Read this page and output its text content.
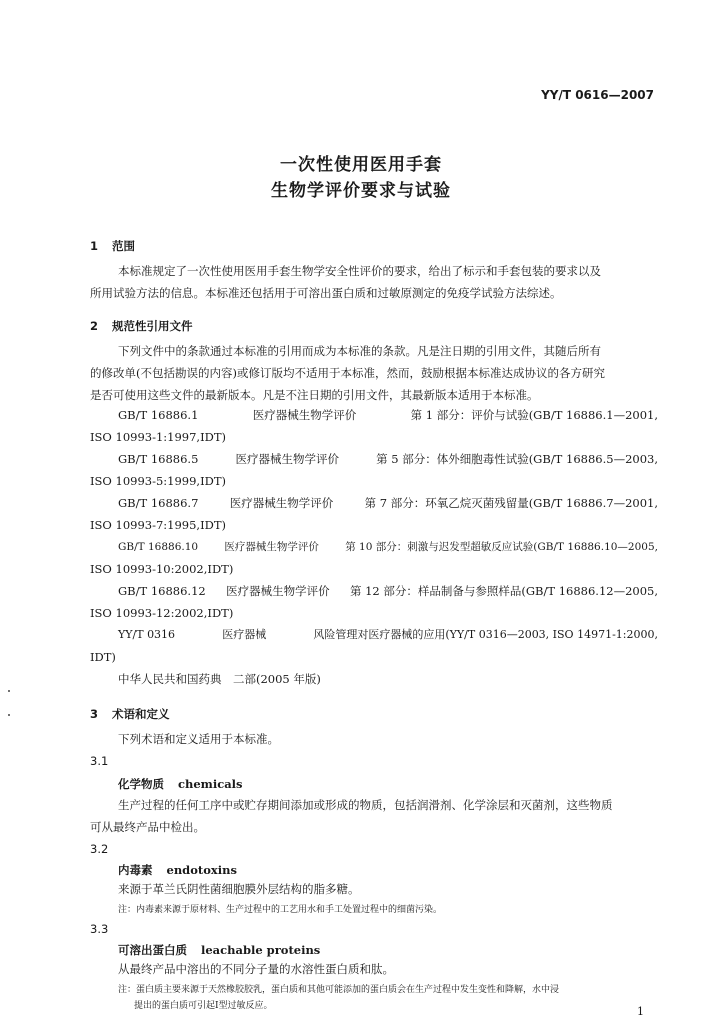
YY/T 0616—2007
一次性使用医用手套
生物学评价要求与试验
1 范围
本标准规定了一次性使用医用手套生物学安全性评价的要求，给出了标示和手套包装的要求以及
所用试验方法的信息。本标准还包括用于可溶出蛋白质和过敏原测定的免疫学试验方法综述。
2 规范性引用文件
下列文件中的条款通过本标准的引用而成为本标准的条款。凡是注日期的引用文件，其随后所有
的修改单(不包括勘误的内容)或修订版均不适用于本标准，然而，鼓励根据本标准达成协议的各方研究
是否可使用这些文件的最新版本。凡是不注日期的引用文件，其最新版本适用于本标准。
GB/T 16886.1	医疗器械生物学评价	第 1 部分：评价与试验(GB/T 16886.1—2001,
ISO 10993-1:1997,IDT)
GB/T 16886.5	医疗器械生物学评价	第 5 部分：体外细胞毒性试验(GB/T 16886.5—2003,
ISO 10993-5:1999,IDT)
GB/T 16886.7	医疗器械生物学评价	第 7 部分：环氧乙烷灭菌残留量(GB/T 16886.7—2001,
ISO 10993-7:1995,IDT)
GB/T 16886.10	医疗器械生物学评价	第 10 部分：刺激与迟发型超敏反应试验(GB/T 16886.10—2005,
ISO 10993-10:2002,IDT)
GB/T 16886.12 医疗器械生物学评价 第 12 部分：样品制备与参照样品(GB/T 16886.12—2005,
ISO 10993-12:2002,IDT)
YY/T 0316	医疗器械	风险管理对医疗器械的应用(YY/T 0316—2003, ISO 14971-1:2000,
IDT)
中华人民共和国药典　二部(2005 年版)
3 术语和定义
下列术语和定义适用于本标准。
3.1
化学物质 chemicals
生产过程的任何工序中或贮存期间添加或形成的物质，包括润滑剂、化学涂层和灭菌剂，这些物质
可从最终产品中检出。
3.2
内毒素 endotoxins
来源于革兰氏阴性菌细胞膜外层结构的脂多糖。
注：内毒素来源于原材料、生产过程中的工艺用水和手工处置过程中的细菌污染。
3.3
可溶出蛋白质 leachable proteins
从最终产品中溶出的不同分子量的水溶性蛋白质和肽。
注：蛋白质主要来源于天然橡胶胶乳，蛋白质和其他可能添加的蛋白质会在生产过程中发生变性和降解，水中浸
提出的蛋白质可引起Ⅰ型过敏反应。	1
